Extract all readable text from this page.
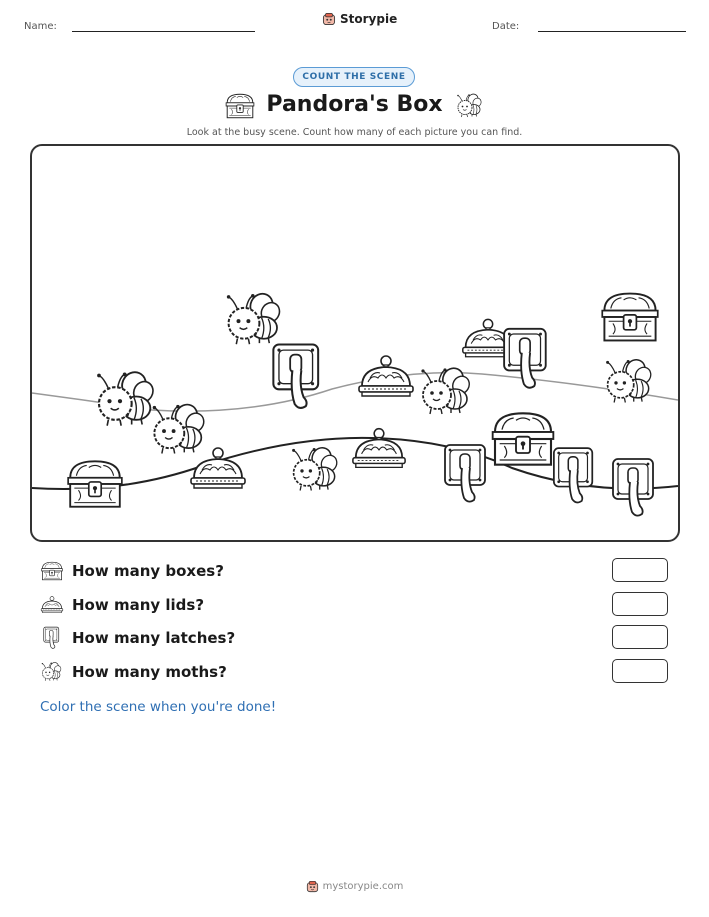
Name:
Storypie
Date:
COUNT THE SCENE
Pandora's Box
Look at the busy scene. Count how many of each picture you can find.
How many boxes?
How many lids?
How many latches?
How many moths?
Color the scene when you're done!
mystorypie.com
